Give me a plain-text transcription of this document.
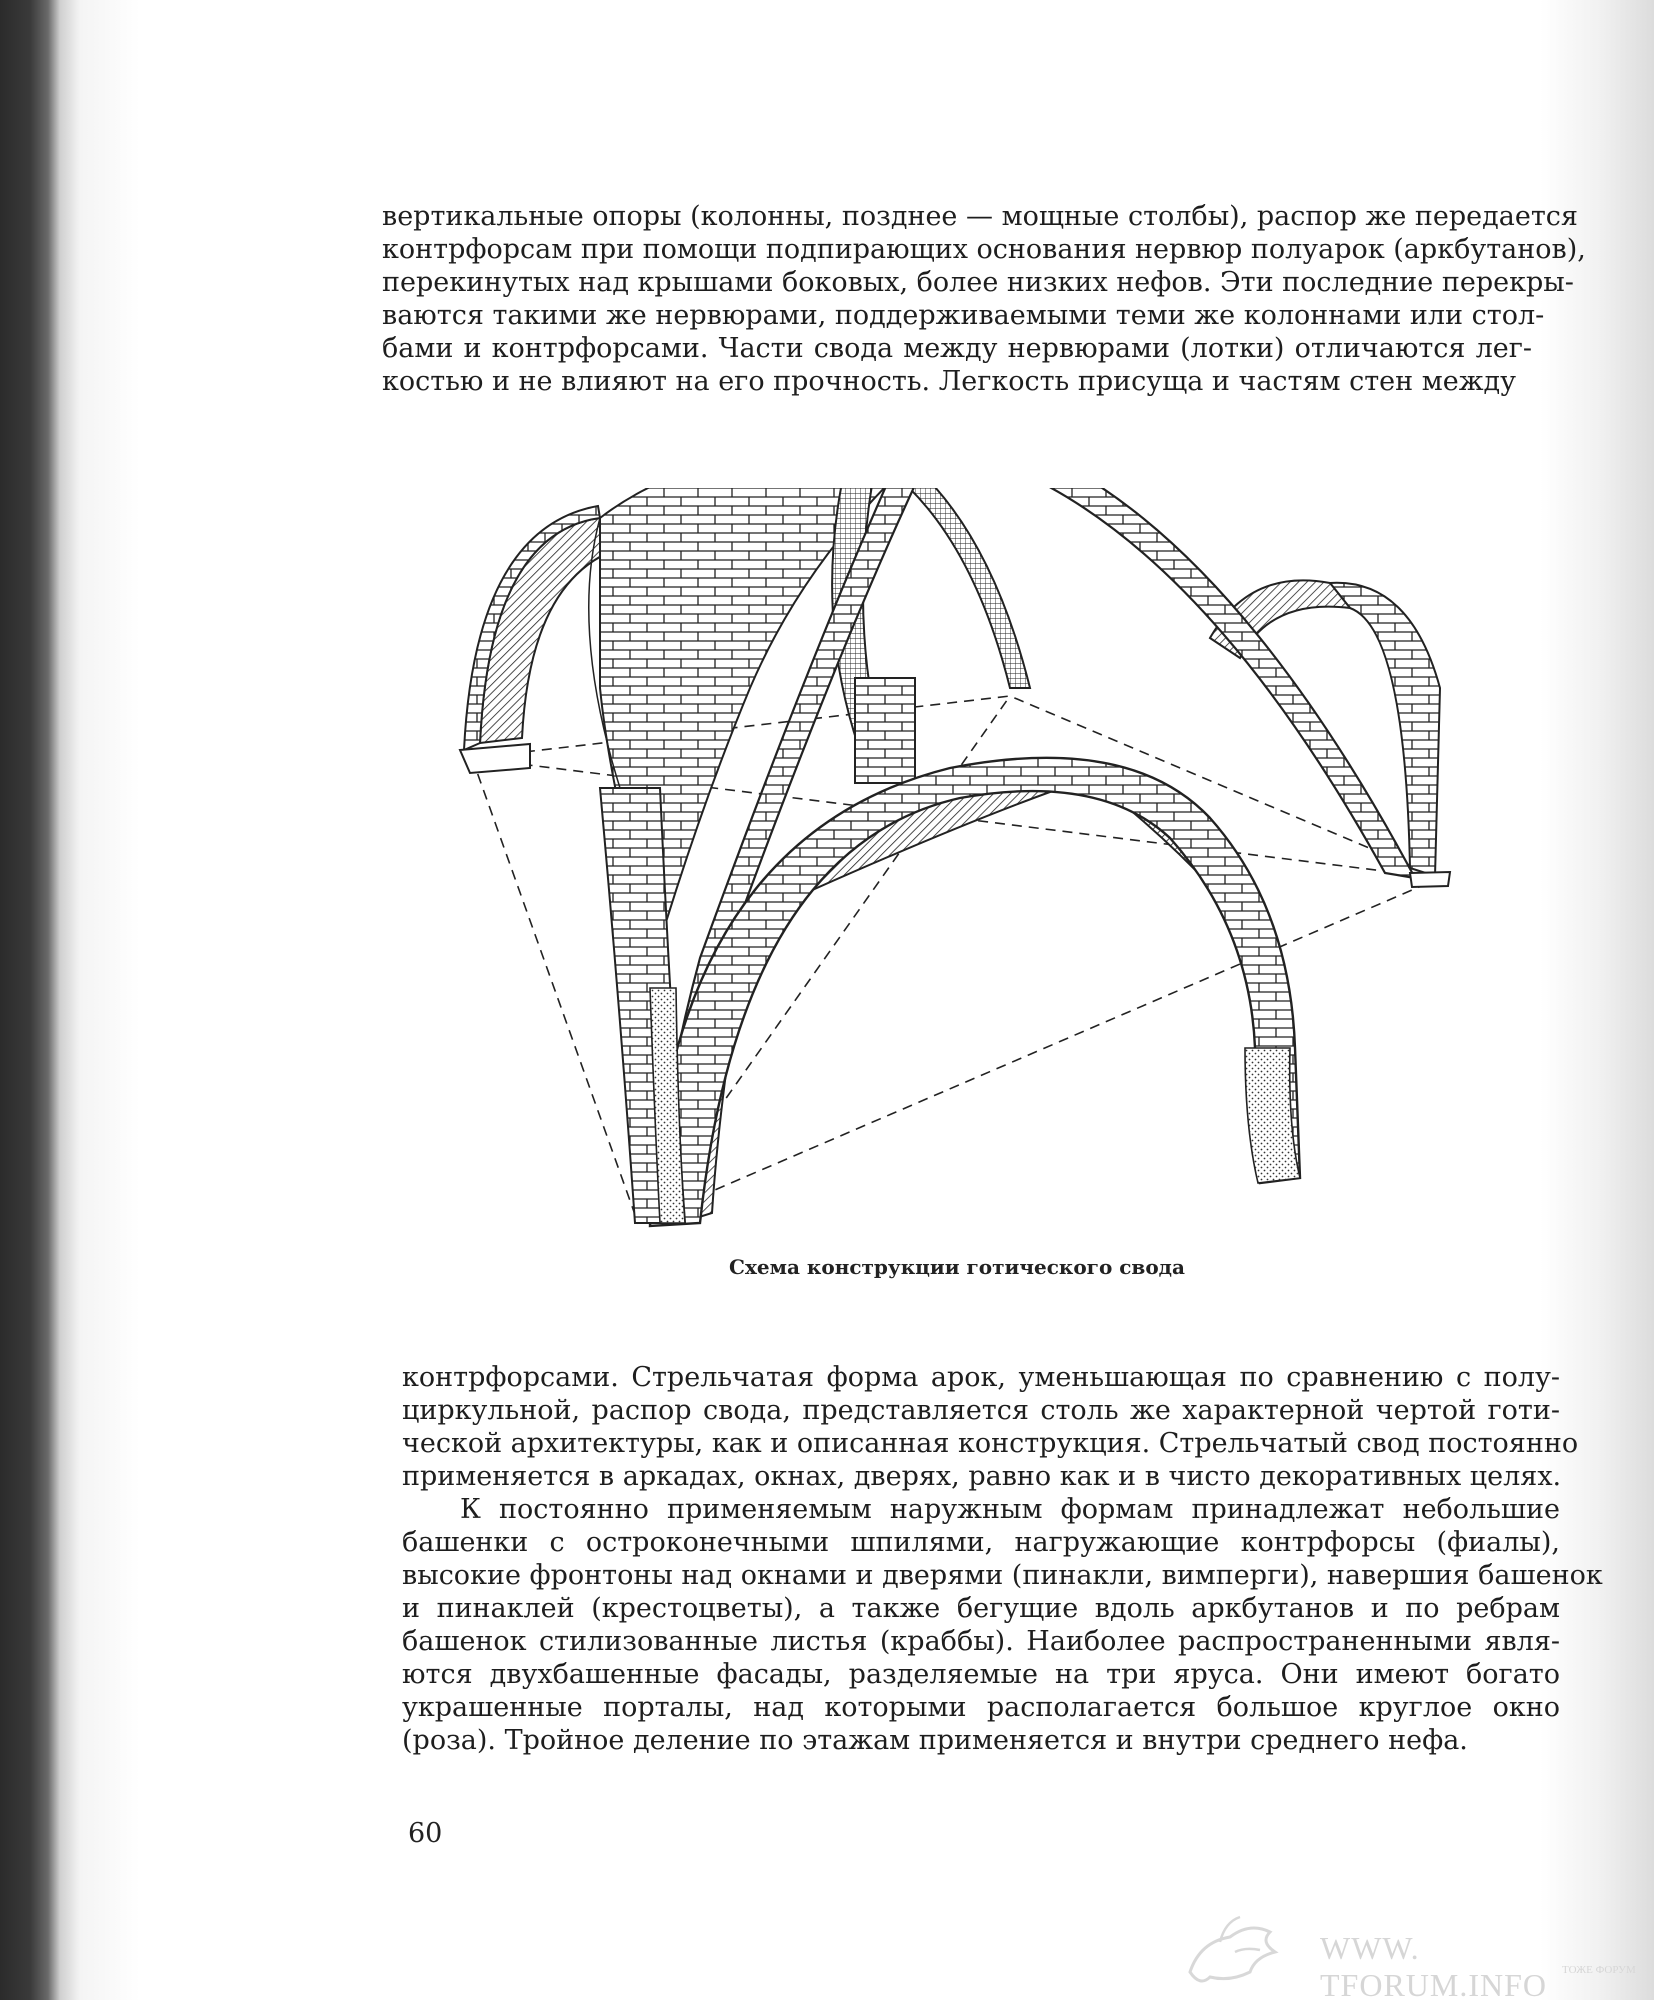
вертикальные опоры (колонны, позднее — мощные столбы), распор же передается
контрфорсам при помощи подпирающих основания нервюр полуарок (аркбутанов),
перекинутых над крышами боковых, более низких нефов. Эти последние перекры-
ваются такими же нервюрами, поддерживаемыми теми же колоннами или стол-
бами и контрфорсами. Части свода между нервюрами (лотки) отличаются лег-
костью и не влияют на его прочность. Легкость присуща и частям стен между
Схема конструкции готического свода
контрфорсами. Стрельчатая форма арок, уменьшающая по сравнению с полу-
циркульной, распор свода, представляется столь же характерной чертой готи-
ческой архитектуры, как и описанная конструкция. Стрельчатый свод постоянно
применяется в аркадах, окнах, дверях, равно как и в чисто декоративных целях.
К постоянно применяемым наружным формам принадлежат небольшие
башенки с остроконечными шпилями, нагружающие контрфорсы (фиалы),
высокие фронтоны над окнами и дверями (пинакли, вимперги), навершия башенок
и пинаклей (крестоцветы), а также бегущие вдоль аркбутанов и по ребрам
башенок стилизованные листья (краббы). Наиболее распространенными явля-
ются двухбашенные фасады, разделяемые на три яруса. Они имеют богато
украшенные порталы, над которыми располагается большое круглое окно
(роза). Тройное деление по этажам применяется и внутри среднего нефа.
60
WWW. TFORUM.INFO	ТОЖЕ ФОРУМ
